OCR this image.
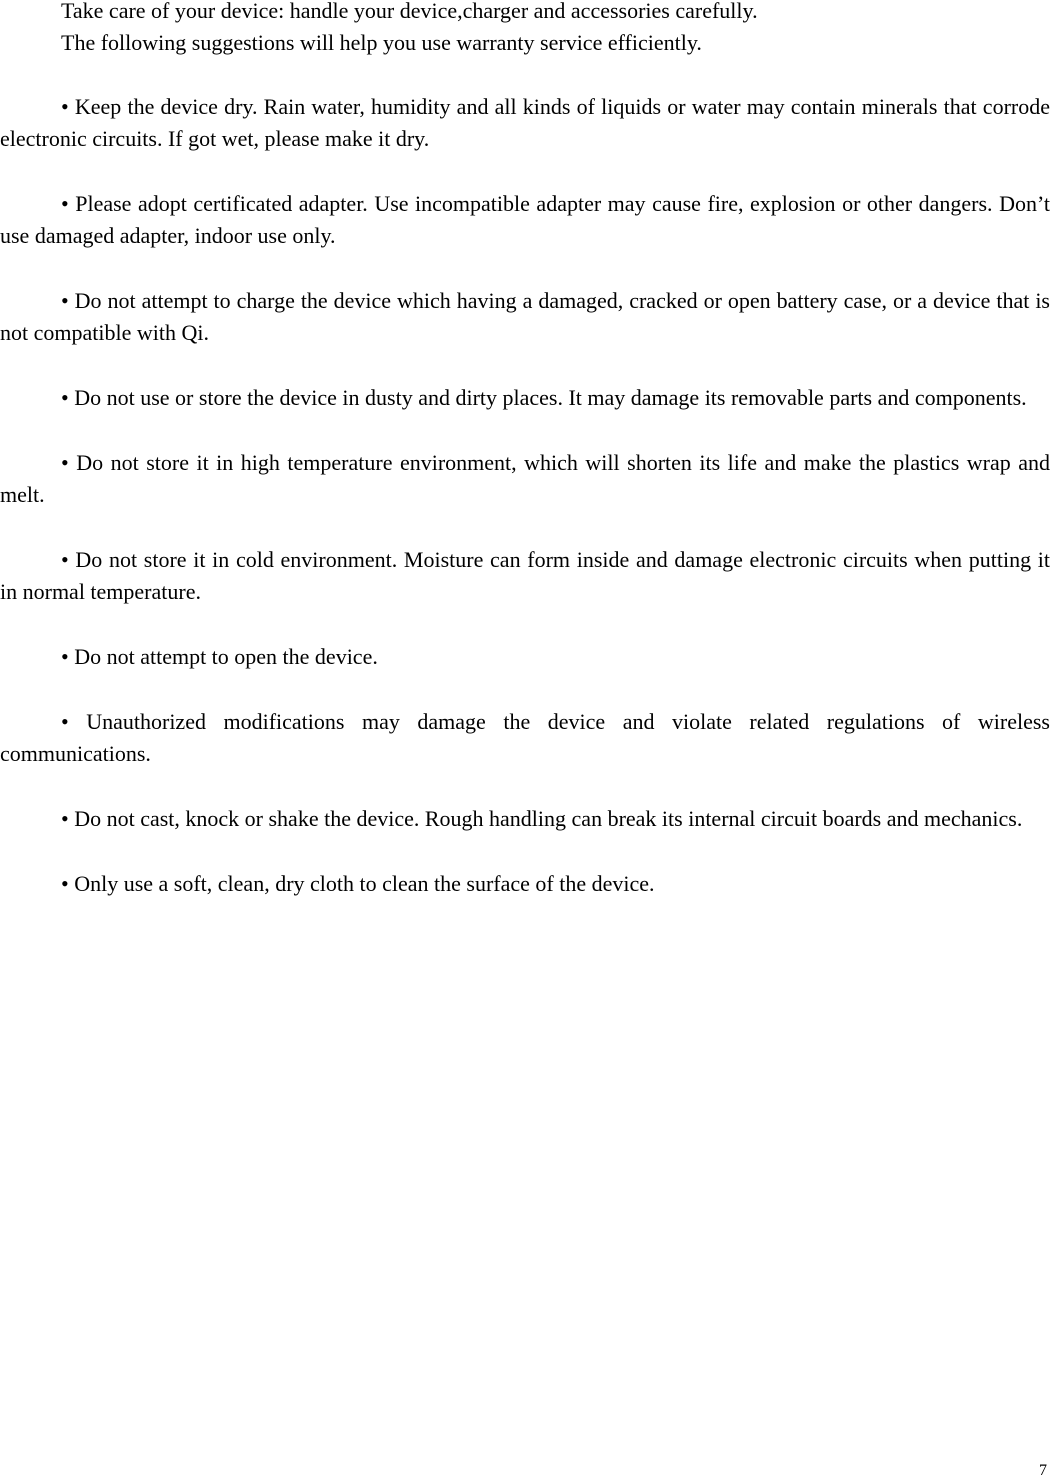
Take care of your device: handle your device,charger and accessories carefully.

The following suggestions will help you use warranty service efficiently.

• Keep the device dry. Rain water, humidity and all kinds of liquids or water may contain minerals that corrode electronic circuits. If got wet, please make it dry.

• Please adopt certificated adapter. Use incompatible adapter may cause fire, explosion or other dangers. Don’t use damaged adapter, indoor use only.

• Do not attempt to charge the device which having a damaged, cracked or open battery case, or a device that is not compatible with Qi.

• Do not use or store the device in dusty and dirty places. It may damage its removable parts and components.

• Do not store it in high temperature environment, which will shorten its life and make the plastics wrap and melt.

• Do not store it in cold environment. Moisture can form inside and damage electronic circuits when putting it in normal temperature.

• Do not attempt to open the device.

• Unauthorized modifications may damage the device and violate related regulations of wireless communications.

• Do not cast, knock or shake the device. Rough handling can break its internal circuit boards and mechanics.

• Only use a soft, clean, dry cloth to clean the surface of the device.

7
